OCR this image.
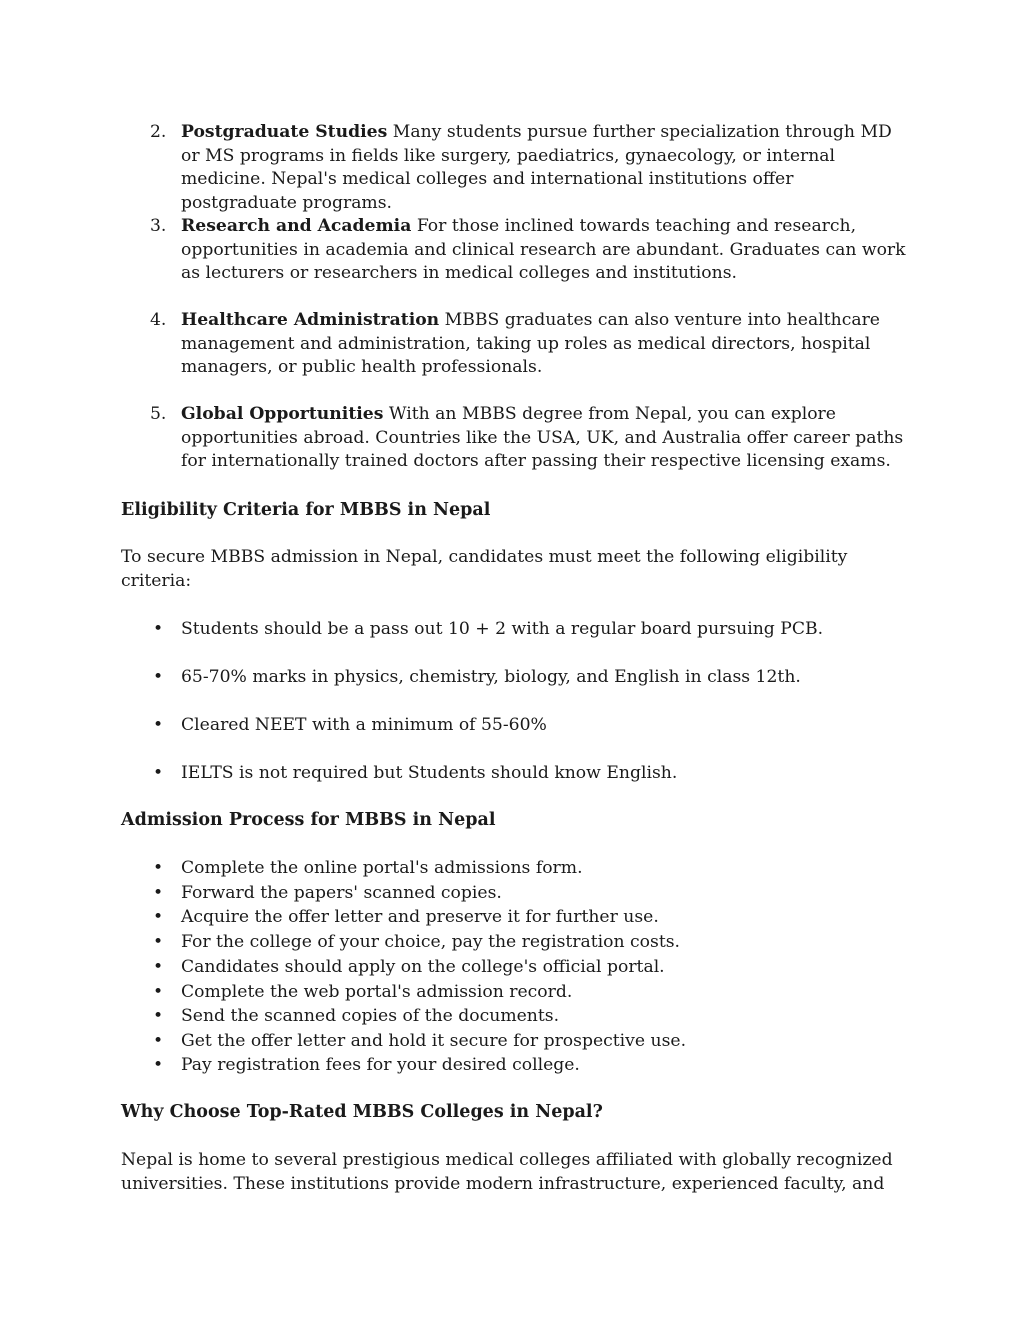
2. Postgraduate Studies Many students pursue further specialization through MD or MS programs in fields like surgery, paediatrics, gynaecology, or internal medicine. Nepal's medical colleges and international institutions offer postgraduate programs.
3. Research and Academia For those inclined towards teaching and research, opportunities in academia and clinical research are abundant. Graduates can work as lecturers or researchers in medical colleges and institutions.
4. Healthcare Administration MBBS graduates can also venture into healthcare management and administration, taking up roles as medical directors, hospital managers, or public health professionals.
5. Global Opportunities With an MBBS degree from Nepal, you can explore opportunities abroad. Countries like the USA, UK, and Australia offer career paths for internationally trained doctors after passing their respective licensing exams.
Eligibility Criteria for MBBS in Nepal

To secure MBBS admission in Nepal, candidates must meet the following eligibility criteria:

• Students should be a pass out 10 + 2 with a regular board pursuing PCB.
• 65-70% marks in physics, chemistry, biology, and English in class 12th.
• Cleared NEET with a minimum of 55-60%
• IELTS is not required but Students should know English.
Admission Process for MBBS in Nepal
• Complete the online portal's admissions form.
• Forward the papers' scanned copies.
• Acquire the offer letter and preserve it for further use.
• For the college of your choice, pay the registration costs.
• Candidates should apply on the college's official portal.
• Complete the web portal's admission record.
• Send the scanned copies of the documents.
• Get the offer letter and hold it secure for prospective use.
• Pay registration fees for your desired college.
Why Choose Top-Rated MBBS Colleges in Nepal?

Nepal is home to several prestigious medical colleges affiliated with globally recognized universities. These institutions provide modern infrastructure, experienced faculty, and
